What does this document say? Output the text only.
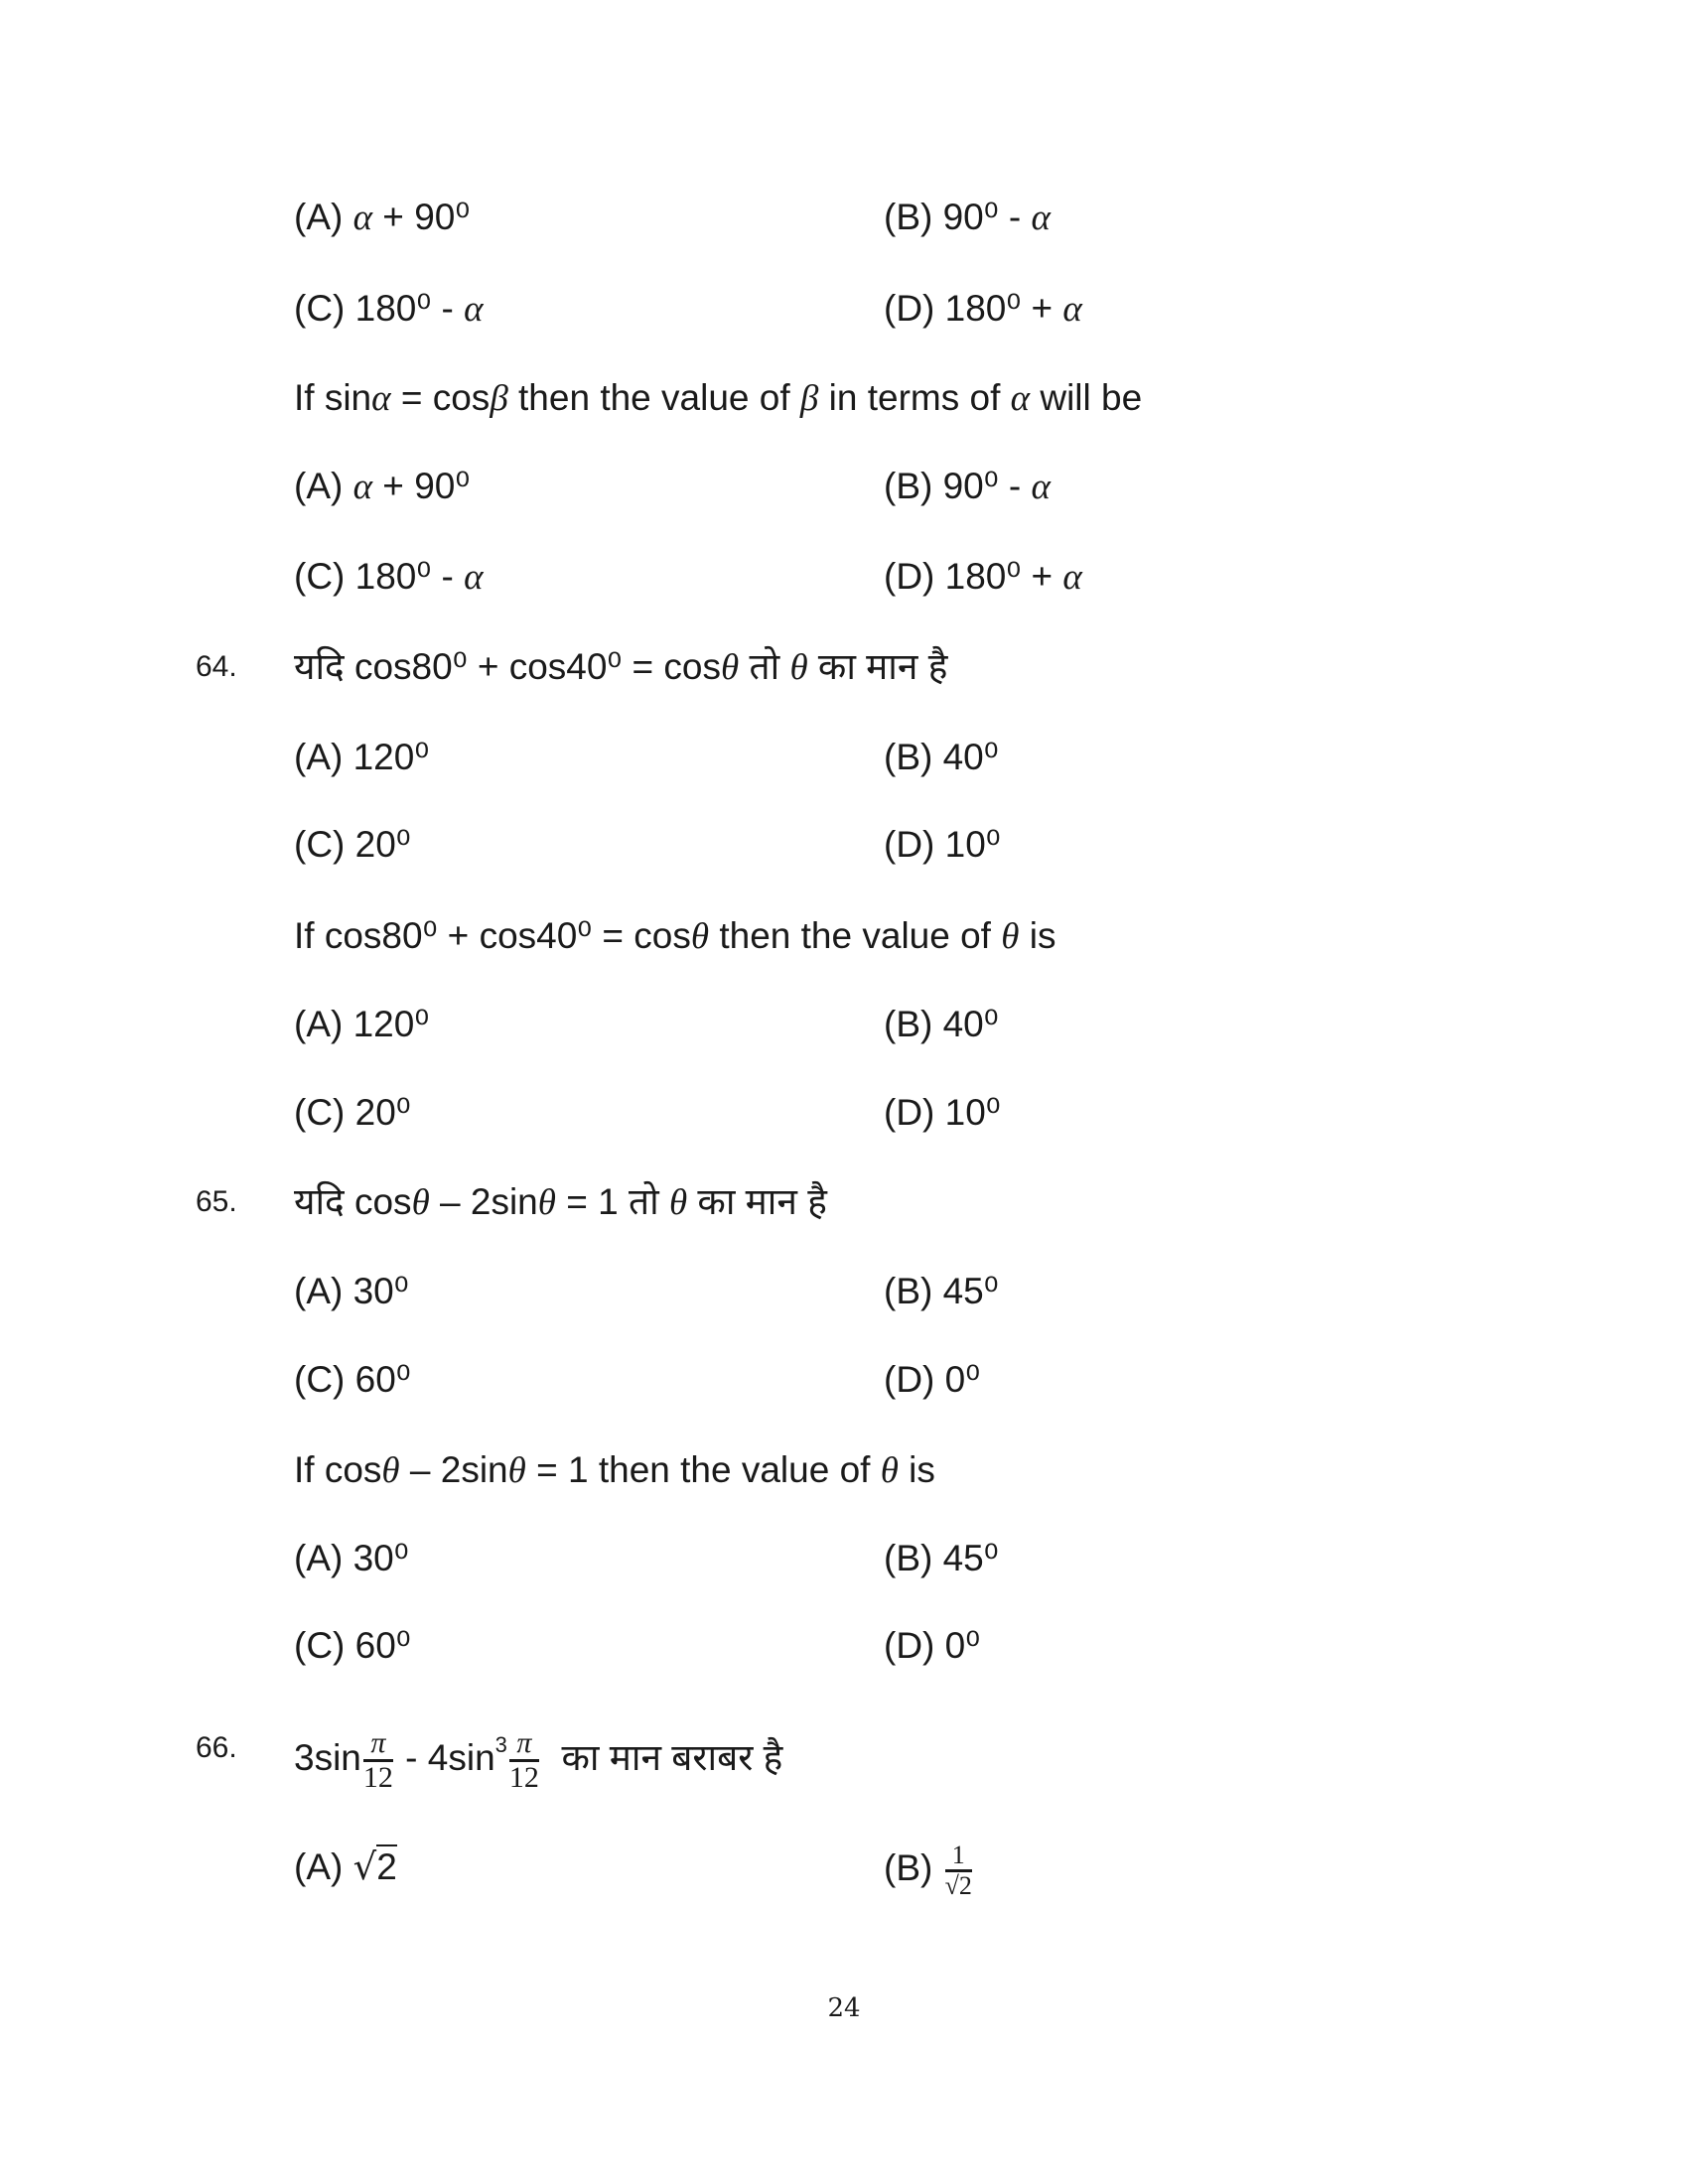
(A) α + 90⁰	(B) 90⁰ - α
(C) 180⁰ - α	(D) 180⁰ + α
If sinα = cosβ then the value of β in terms of α will be
(A) α + 90⁰	(B) 90⁰ - α
(C) 180⁰ - α	(D) 180⁰ + α
64. यदि cos80⁰ + cos40⁰ = cosθ तो θ का मान है
(A) 120⁰	(B) 40⁰
(C) 20⁰	(D) 10⁰
If cos80⁰ + cos40⁰ = cosθ then the value of θ is
(A) 120⁰	(B) 40⁰
(C) 20⁰	(D) 10⁰
65. यदि cosθ – 2sinθ = 1 तो θ का मान है
(A) 30⁰	(B) 45⁰
(C) 60⁰	(D) 0⁰
If cosθ – 2sinθ = 1 then the value of θ is
(A) 30⁰	(B) 45⁰
(C) 60⁰	(D) 0⁰
66. $3\sin \frac{\pi}{12} - 4\sin^3 \frac{\pi}{12}$ का मान बराबर है
(A) √2	$(B) \frac{1}{√2}$
24
